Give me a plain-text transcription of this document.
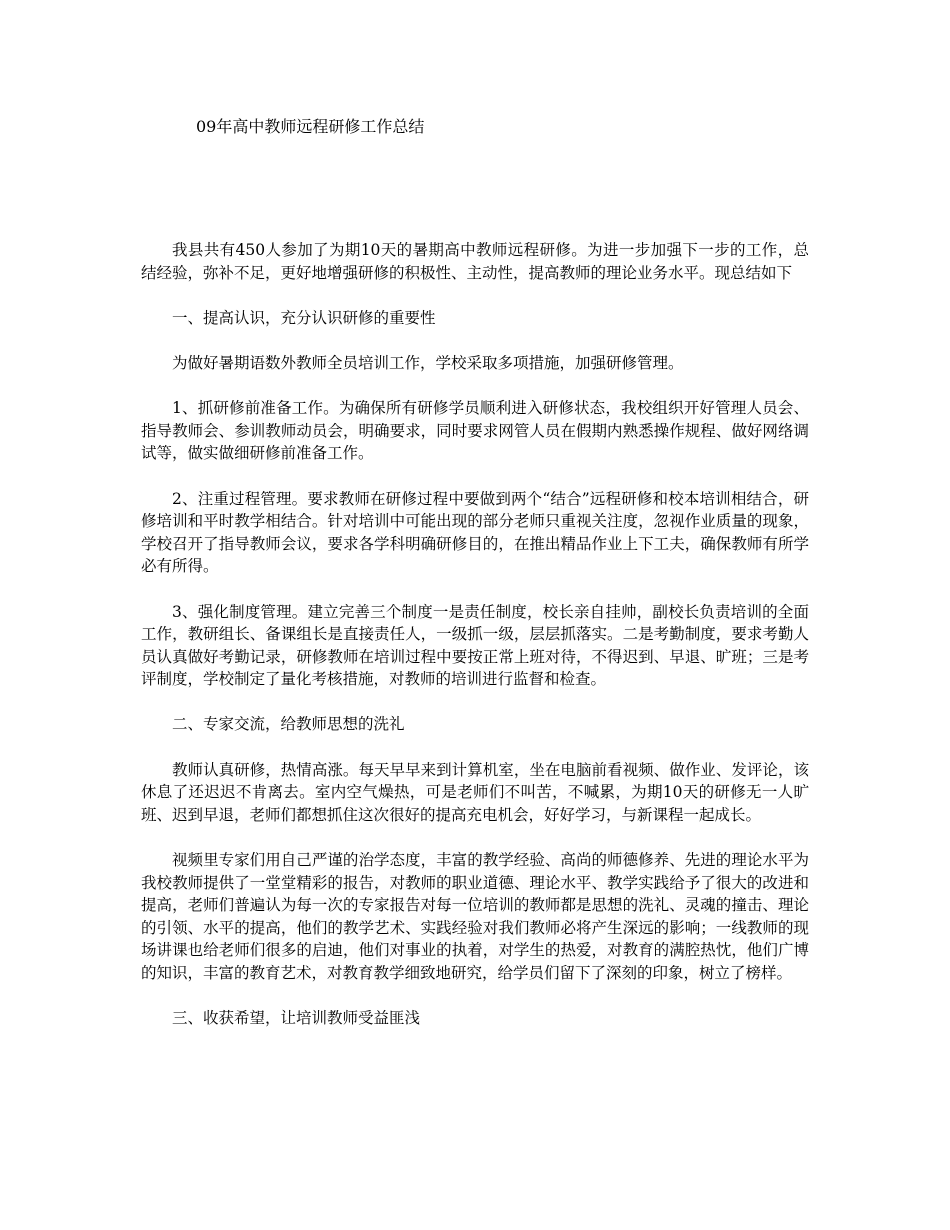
09年高中教师远程研修工作总结

我县共有450人参加了为期10天的暑期高中教师远程研修。为进一步加强下一步的工作，总结经验，弥补不足，更好地增强研修的积极性、主动性，提高教师的理论业务水平。现总结如下

一、提高认识，充分认识研修的重要性

为做好暑期语数外教师全员培训工作，学校采取多项措施，加强研修管理。

1、抓研修前准备工作。为确保所有研修学员顺利进入研修状态，我校组织开好管理人员会、指导教师会、参训教师动员会，明确要求，同时要求网管人员在假期内熟悉操作规程、做好网络调试等，做实做细研修前准备工作。

2、注重过程管理。要求教师在研修过程中要做到两个“结合”远程研修和校本培训相结合，研修培训和平时教学相结合。针对培训中可能出现的部分老师只重视关注度，忽视作业质量的现象，学校召开了指导教师会议，要求各学科明确研修目的，在推出精品作业上下工夫，确保教师有所学必有所得。

3、强化制度管理。建立完善三个制度一是责任制度，校长亲自挂帅，副校长负责培训的全面工作，教研组长、备课组长是直接责任人，一级抓一级，层层抓落实。二是考勤制度，要求考勤人员认真做好考勤记录，研修教师在培训过程中要按正常上班对待，不得迟到、早退、旷班；三是考评制度，学校制定了量化考核措施，对教师的培训进行监督和检查。

二、专家交流，给教师思想的洗礼

教师认真研修，热情高涨。每天早早来到计算机室，坐在电脑前看视频、做作业、发评论，该休息了还迟迟不肯离去。室内空气燥热，可是老师们不叫苦，不喊累，为期10天的研修无一人旷班、迟到早退，老师们都想抓住这次很好的提高充电机会，好好学习，与新课程一起成长。

视频里专家们用自己严谨的治学态度，丰富的教学经验、高尚的师德修养、先进的理论水平为我校教师提供了一堂堂精彩的报告，对教师的职业道德、理论水平、教学实践给予了很大的改进和提高，老师们普遍认为每一次的专家报告对每一位培训的教师都是思想的洗礼、灵魂的撞击、理论的引领、水平的提高，他们的教学艺术、实践经验对我们教师必将产生深远的影响；一线教师的现场讲课也给老师们很多的启迪，他们对事业的执着，对学生的热爱，对教育的满腔热忱，他们广博的知识，丰富的教育艺术，对教育教学细致地研究，给学员们留下了深刻的印象，树立了榜样。

三、收获希望，让培训教师受益匪浅
